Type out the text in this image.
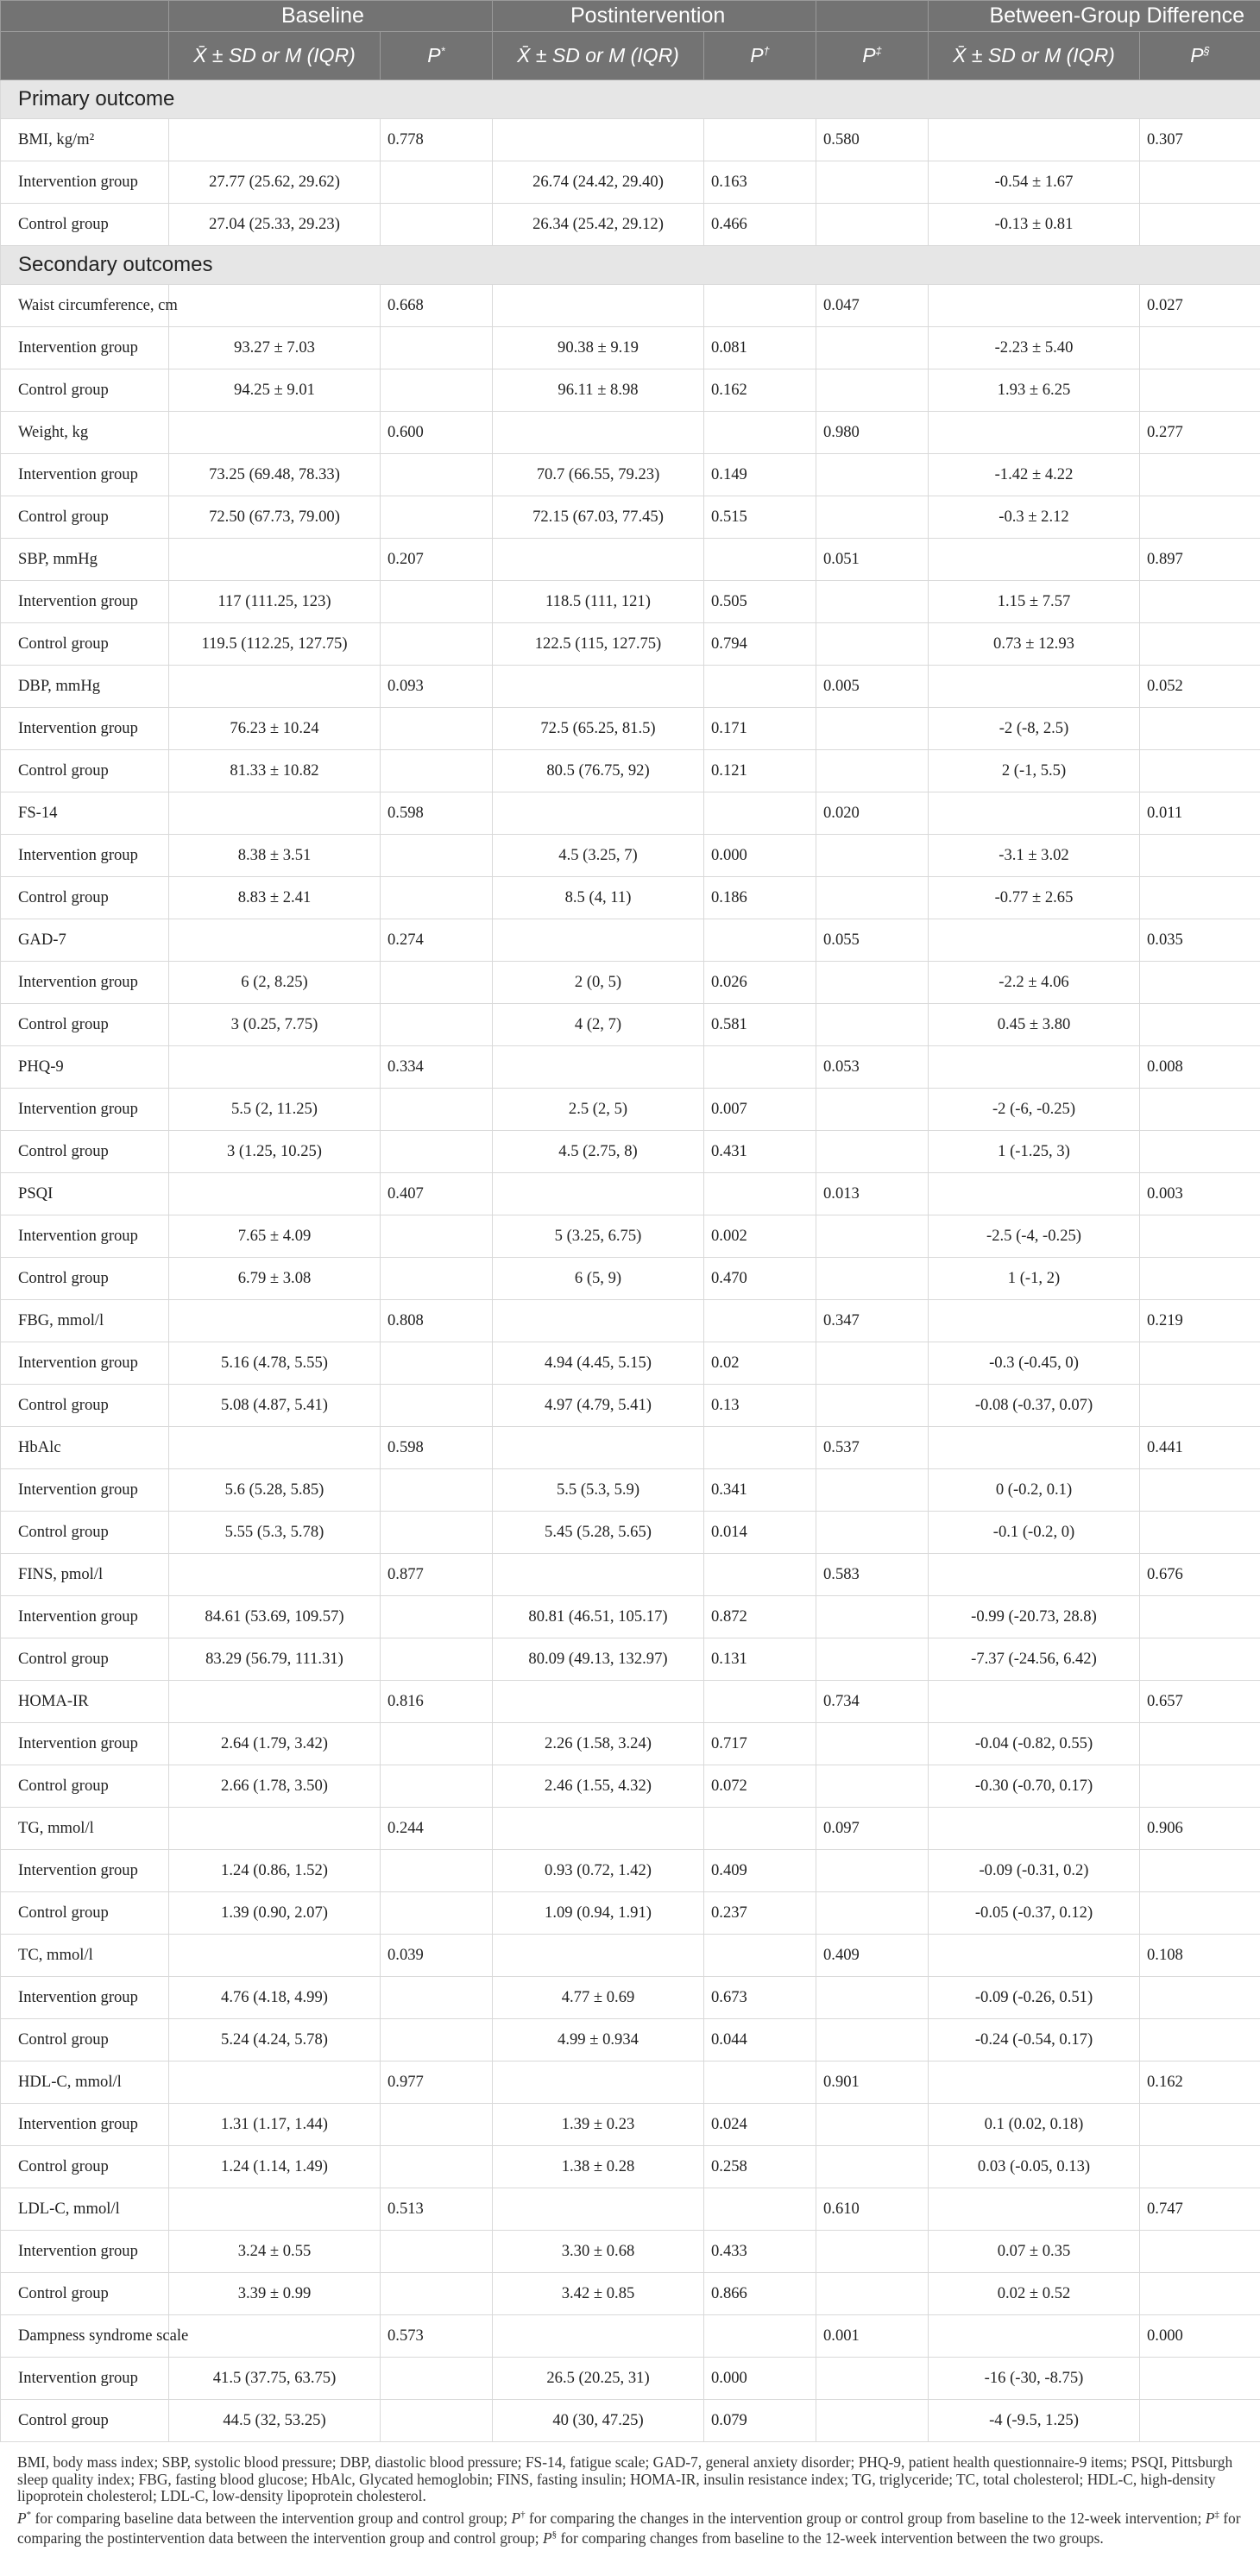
	Baseline		Postintervention			Between-Group Difference	
	X̄ ± SD or M (IQR)	P*	X̄ ± SD or M (IQR)	P†	P‡	X̄ ± SD or M (IQR)	P§
Primary outcome							
BMI, kg/m²		0.778			0.580		0.307
Intervention group	27.77 (25.62, 29.62)		26.74 (24.42, 29.40)	0.163		-0.54 ± 1.67	
Control group	27.04 (25.33, 29.23)		26.34 (25.42, 29.12)	0.466		-0.13 ± 0.81	
Secondary outcomes							
Waist circumference, cm		0.668			0.047		0.027
Intervention group	93.27 ± 7.03		90.38 ± 9.19	0.081		-2.23 ± 5.40	
Control group	94.25 ± 9.01		96.11 ± 8.98	0.162		1.93 ± 6.25	
Weight, kg		0.600			0.980		0.277
Intervention group	73.25 (69.48, 78.33)		70.7 (66.55, 79.23)	0.149		-1.42 ± 4.22	
Control group	72.50 (67.73, 79.00)		72.15 (67.03, 77.45)	0.515		-0.3 ± 2.12	
SBP, mmHg		0.207			0.051		0.897
Intervention group	117 (111.25, 123)		118.5 (111, 121)	0.505		1.15 ± 7.57	
Control group	119.5 (112.25, 127.75)		122.5 (115, 127.75)	0.794		0.73 ± 12.93	
DBP, mmHg		0.093			0.005		0.052
Intervention group	76.23 ± 10.24		72.5 (65.25, 81.5)	0.171		-2 (-8, 2.5)	
Control group	81.33 ± 10.82		80.5 (76.75, 92)	0.121		2 (-1, 5.5)	
FS-14		0.598			0.020		0.011
Intervention group	8.38 ± 3.51		4.5 (3.25, 7)	0.000		-3.1 ± 3.02	
Control group	8.83 ± 2.41		8.5 (4, 11)	0.186		-0.77 ± 2.65	
GAD-7		0.274			0.055		0.035
Intervention group	6 (2, 8.25)		2 (0, 5)	0.026		-2.2 ± 4.06	
Control group	3 (0.25, 7.75)		4 (2, 7)	0.581		0.45 ± 3.80	
PHQ-9		0.334			0.053		0.008
Intervention group	5.5 (2, 11.25)		2.5 (2, 5)	0.007		-2 (-6, -0.25)	
Control group	3 (1.25, 10.25)		4.5 (2.75, 8)	0.431		1 (-1.25, 3)	
PSQI		0.407			0.013		0.003
Intervention group	7.65 ± 4.09		5 (3.25, 6.75)	0.002		-2.5 (-4, -0.25)	
Control group	6.79 ± 3.08		6 (5, 9)	0.470		1 (-1, 2)	
FBG, mmol/l		0.808			0.347		0.219
Intervention group	5.16 (4.78, 5.55)		4.94 (4.45, 5.15)	0.02		-0.3 (-0.45, 0)	
Control group	5.08 (4.87, 5.41)		4.97 (4.79, 5.41)	0.13		-0.08 (-0.37, 0.07)	
HbAlc		0.598			0.537		0.441
Intervention group	5.6 (5.28, 5.85)		5.5 (5.3, 5.9)	0.341		0 (-0.2, 0.1)	
Control group	5.55 (5.3, 5.78)		5.45 (5.28, 5.65)	0.014		-0.1 (-0.2, 0)	
FINS, pmol/l		0.877			0.583		0.676
Intervention group	84.61 (53.69, 109.57)		80.81 (46.51, 105.17)	0.872		-0.99 (-20.73, 28.8)	
Control group	83.29 (56.79, 111.31)		80.09 (49.13, 132.97)	0.131		-7.37 (-24.56, 6.42)	
HOMA-IR		0.816			0.734		0.657
Intervention group	2.64 (1.79, 3.42)		2.26 (1.58, 3.24)	0.717		-0.04 (-0.82, 0.55)	
Control group	2.66 (1.78, 3.50)		2.46 (1.55, 4.32)	0.072		-0.30 (-0.70, 0.17)	
TG, mmol/l		0.244			0.097		0.906
Intervention group	1.24 (0.86, 1.52)		0.93 (0.72, 1.42)	0.409		-0.09 (-0.31, 0.2)	
Control group	1.39 (0.90, 2.07)		1.09 (0.94, 1.91)	0.237		-0.05 (-0.37, 0.12)	
TC, mmol/l		0.039			0.409		0.108
Intervention group	4.76 (4.18, 4.99)		4.77 ± 0.69	0.673		-0.09 (-0.26, 0.51)	
Control group	5.24 (4.24, 5.78)		4.99 ± 0.934	0.044		-0.24 (-0.54, 0.17)	
HDL-C, mmol/l		0.977			0.901		0.162
Intervention group	1.31 (1.17, 1.44)		1.39 ± 0.23	0.024		0.1 (0.02, 0.18)	
Control group	1.24 (1.14, 1.49)		1.38 ± 0.28	0.258		0.03 (-0.05, 0.13)	
LDL-C, mmol/l		0.513			0.610		0.747
Intervention group	3.24 ± 0.55		3.30 ± 0.68	0.433		0.07 ± 0.35	
Control group	3.39 ± 0.99		3.42 ± 0.85	0.866		0.02 ± 0.52	
Dampness syndrome scale		0.573			0.001		0.000
Intervention group	41.5 (37.75, 63.75)		26.5 (20.25, 31)	0.000		-16 (-30, -8.75)	
Control group	44.5 (32, 53.25)		40 (30, 47.25)	0.079		-4 (-9.5, 1.25)	

BMI, body mass index; SBP, systolic blood pressure; DBP, diastolic blood pressure; FS-14, fatigue scale; GAD-7, general anxiety disorder; PHQ-9, patient health questionnaire-9 items; PSQI, Pittsburgh sleep quality index; FBG, fasting blood glucose; HbAlc, Glycated hemoglobin; FINS, fasting insulin; HOMA-IR, insulin resistance index; TG, triglyceride; TC, total cholesterol; HDL-C, high-density lipoprotein cholesterol; LDL-C, low-density lipoprotein cholesterol.

P* for comparing baseline data between the intervention group and control group; P† for comparing the changes in the intervention group or control group from baseline to the 12-week intervention; P‡ for comparing the postintervention data between the intervention group and control group; P§ for comparing changes from baseline to the 12-week intervention between the two groups.
